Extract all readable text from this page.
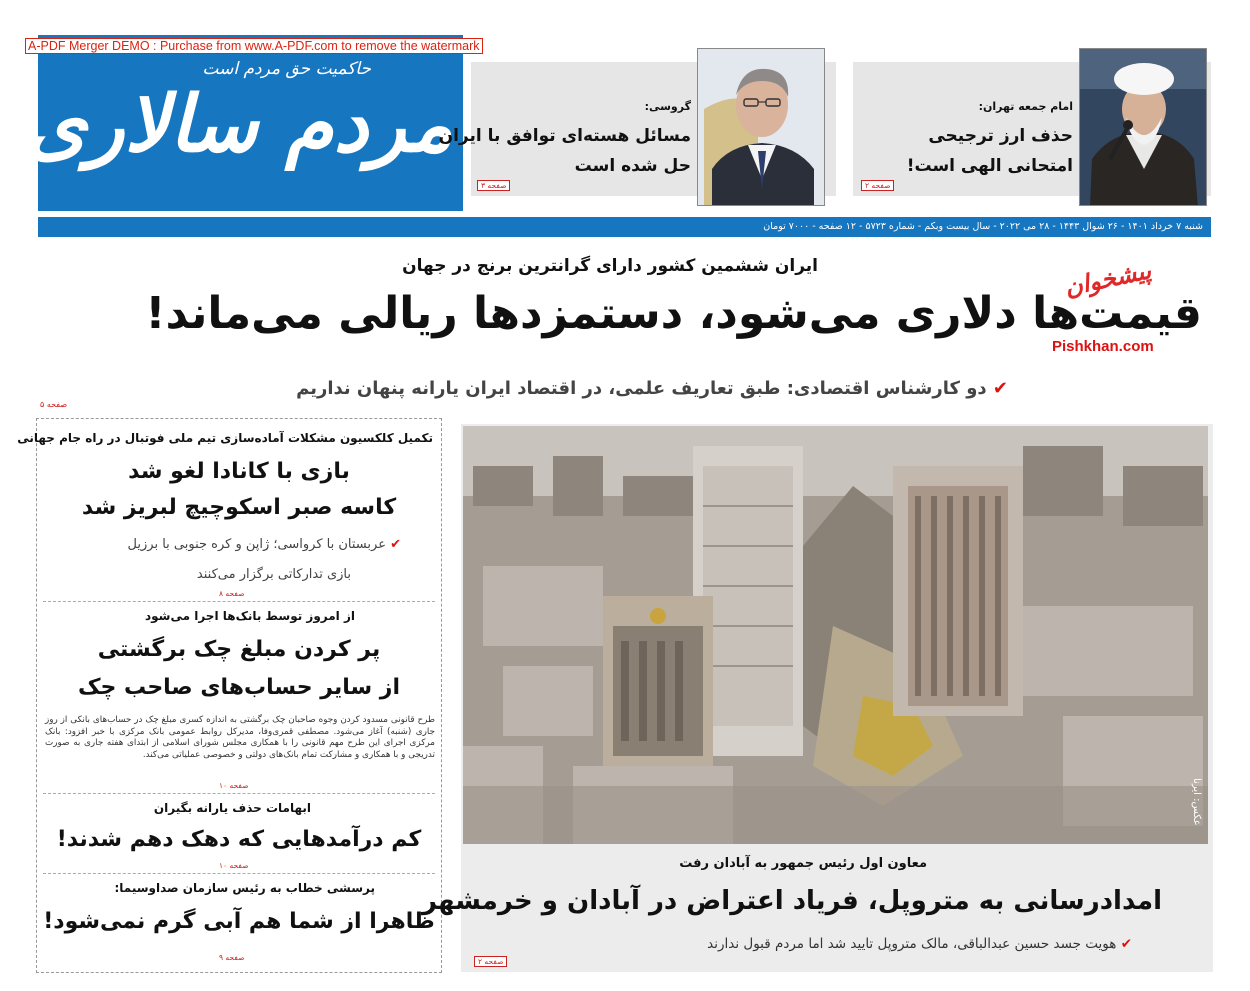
A-PDF Merger DEMO : Purchase from www.A-PDF.com to remove the watermark
حاکمیت حق مردم است
مردم سالاری	گروسی:
مسائل هسته‌ای توافق با ایران
حل شده است
صفحه ۳
امام جمعه تهران:
حذف ارز ترجیحی
امتحانی الهی است!
صفحه ۲
شنبه ۷ خرداد ۱۴۰۱ - ۲۶ شوال ۱۴۴۳ - ۲۸ می ۲۰۲۲ - سال بیست وبکم - شماره ۵۷۲۳ - ۱۲ صفحه - ۷۰۰۰ تومان
ایران ششمین کشور دارای گرانترین برنج در جهان	پیشخوان
قیمت‌ها دلاری می‌شود، دستمزدها ریالی می‌ماند!
Pishkhan.com
✔ دو کارشناس اقتصادی: طبق تعاریف علمی، در اقتصاد ایران یارانه پنهان نداریم
صفحه ۵
تکمیل کلکسیون مشکلات آماده‌سازی تیم ملی فوتبال در راه جام جهانی
بازی با کانادا لغو شد
کاسه صبر اسکوچیچ لبریز شد
✔ عربستان با کرواسی؛ ژاپن و کره جنوبی با برزیل
بازی تدارکاتی برگزار می‌کنند
صفحه ۸
از امروز توسط بانک‌ها اجرا می‌شود
پر کردن مبلغ چک برگشتی
از سایر حساب‌های صاحب چک
طرح قانونی مسدود کردن وجوه صاحبان چک برگشتی به اندازه کسری مبلغ چک در حساب‌های بانکی از روز جاری (شنبه) آغاز می‌شود. مصطفی قمری‌وفا، مدیرکل روابط عمومی بانک مرکزی با خبر افزود: بانک مرکزی اجرای این طرح مهم قانونی را با همکاری مجلس شورای اسلامی از ابتدای هفته جاری به صورت تدریجی و با همکاری و مشارکت تمام بانک‌های دولتی و خصوصی عملیاتی می‌کند.
صفحه ۱۰
ابهامات حذف یارانه بگیران
کم درآمدهایی که دهک دهم شدند!
صفحه ۱۰
پرسشی خطاب به رئیس سازمان صداوسیما:
ظاهرا از شما هم آبی گرم نمی‌شود!
صفحه ۹
عکس: ایرنا
معاون اول رئیس جمهور به آبادان رفت
امدادرسانی به متروپل، فریاد اعتراض در آبادان و خرمشهر
✔ هویت جسد حسین عبدالباقی، مالک متروپل تایید شد اما مردم قبول ندارند
صفحه ۲
